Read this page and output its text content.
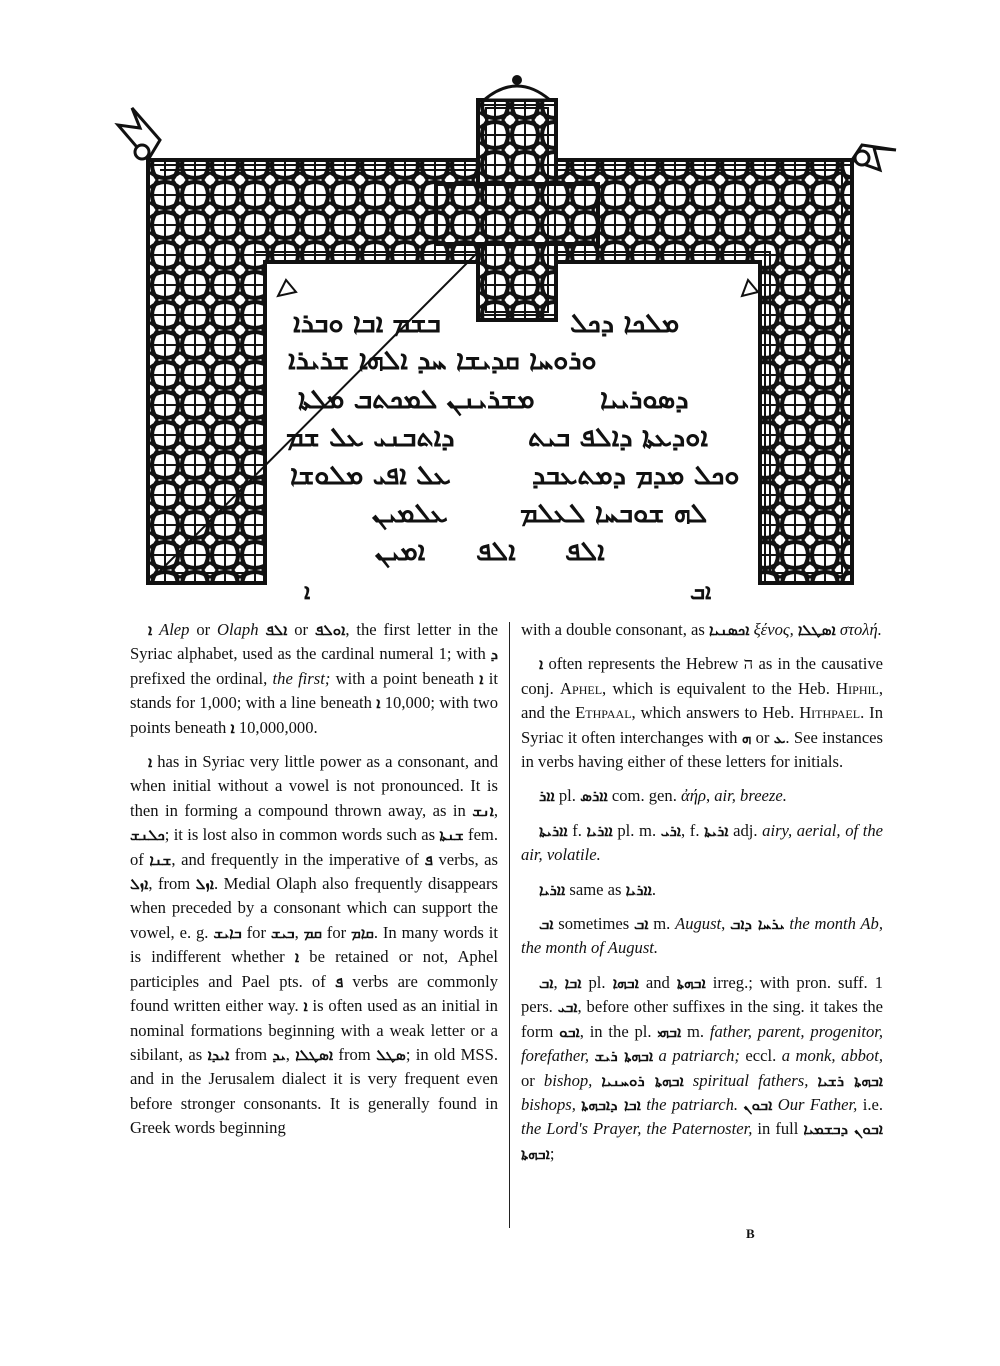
ܒܫܡ ܐܒܐ ܘܒܪܐ	ܡܠܟܐ ܕܟܠ
ܘܪܘܚܐ ܩܕܝܫܐ ܚܕ ܐܠܗܐ ܫܪܝܪܐ
ܡܫܪܝܢܢ ܠܡܟܬܒ ܡܠܬܐ ܕܣܘܪܝܝܐ
ܕܐܬܒܢܝ ܥܠ ܫܡ	ܐܘܕܥܬܐ ܕܐܠܦ ܒܝܬ
ܥܠ ܐܦܝ ܡܠܘܫܐ	ܘܟܠ ܡܕܡ ܕܡܬܥܒܕ
ܥܠܡܝܢ	ܠܗ ܫܘܒܚܐ ܠܥܠܡ
ܐܡܝܢ ܐܠܦ ܐܠܦ
ܐ	ܐܒ

ܐ Alep or Olaph ܐܠܦ or ܐܘܠܦ, the first letter in the Syriac alphabet, used as the cardinal numeral 1; with ܕ prefixed the ordinal, the first; with a point beneath ܐ it stands for 1,000; with a line beneath ܐ 10,000; with two points beneath ܐ 10,000,000.

ܐ has in Syriac very little power as a consonant, and when initial without a vowel is not pronounced. It is then in forming a compound thrown away, as in ܐܢܫ, ܟܠܢܫ; it is lost also in common words such as ܫܢܬܐ fem. of ܫܢܐ, and frequently in the imperative of ܦ verbs, as ܐܙܠ, from ܐܙܠ. Medial Olaph also frequently disappears when preceded by a consonant which can support the vowel, e. g. ܒܐܝܫ for ܒܝܫ, ܩܡ for ܩܐܡ. In many words it is indifferent whether ܐ be retained or not, Aphel participles and Pael pts. of ܦ verbs are commonly found written either way. ܐ is often used as an initial in nominal formations beginning with a weak letter or a sibilant, as ܐܝܕܐ from ܝܕ, ܐܣܛܠܐ from ܣܛܠ; in old MSS. and in the Jerusalem dialect it is very frequent even before stronger consonants. It is generally found in Greek words beginning

with a double consonant, as ܐܟܣܢܝܐ ξένος, ܐܣܛܠܐ στολή.

ܐ often represents the Hebrew ה as in the causative conj. Aphel, which is equivalent to the Heb. Hiphil, and the Ethpaal, which answers to Heb. Hithpael. In Syriac it often interchanges with ܗ or ܥ. See instances in verbs having either of these letters for initials.

ܐܐܪ pl. ܐܐܪܣ com. gen. ἀήρ, air, breeze.

ܐܐܪܝܬܐ f. ܐܐܪܝܐ pl. m. ܐܪܝ, f. ܐܪܝܬܐ adj. airy, aerial, of the air, volatile.

ܐܐܪܝܐ same as ܐܐܪܝܐ.

ܐܒ sometimes ܐܒ m. August, ܝܪܚܐ ܕܐܒ the month Ab, the month of August.

ܐܒ, ܐܒܐ pl. ܐܒܗܐ and ܐܒܗܬܐ irreg.; with pron. suff. 1 pers. ܐܒܝ, before other suffixes in the sing. it takes the form ܐܒܘ, in the pl. ܐܒܗܝ m. father, parent, progenitor, forefather, ܐܒܗܬܐ ܪܝܫ a patriarch; eccl. a monk, abbot, or bishop, ܐܒܗܬܐ ܪܘܚܢܝܐ spiritual fathers, ܐܒܗܬܐ ܪܫܝܐ bishops, ܐܒܐ ܕܐܒܗܬܐ the patriarch. ܐܒܘܢ Our Father, i.e. the Lord's Prayer, the Paternoster, in full ܐܒܘܢ ܕܒܫܡܝܐ ܐܒܗܬܐ;

B
